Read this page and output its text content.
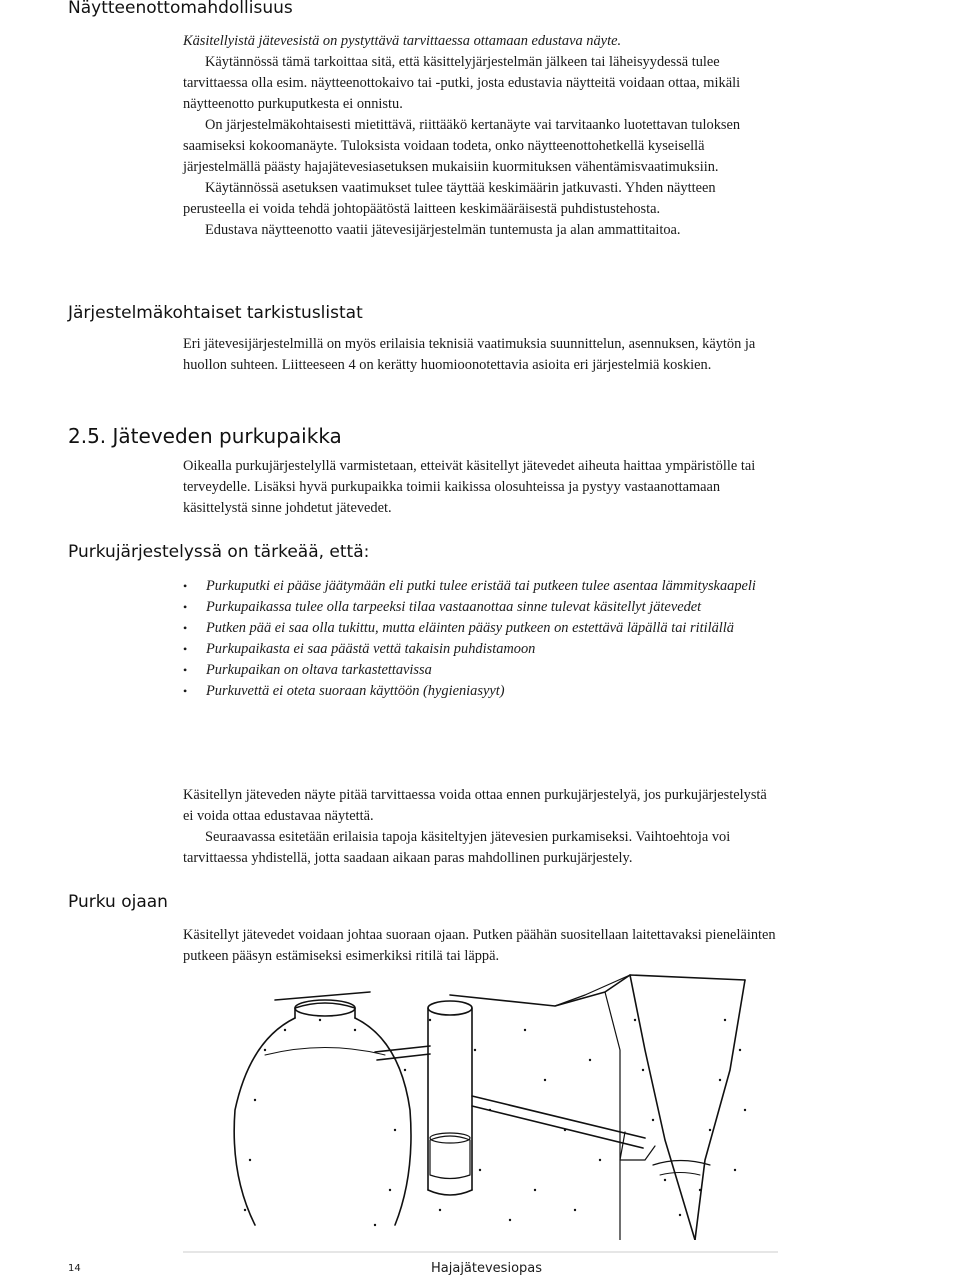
Näytteenottomahdollisuus

Käsitellyistä jätevesistä on pystyttävä tarvittaessa ottamaan edustava näyte.

Käytännössä tämä tarkoittaa sitä, että käsittelyjärjestelmän jälkeen tai läheisyydessä tulee tarvittaessa olla esim. näytteenottokaivo tai -putki, josta edustavia näytteitä voidaan ottaa, mikäli näytteenotto purkuputkesta ei onnistu.

On järjestelmäkohtaisesti mietittävä, riittääkö kertanäyte vai tarvitaanko luotettavan tuloksen saamiseksi kokoomanäyte. Tuloksista voidaan todeta, onko näytteenottohetkellä kyseisellä järjestelmällä päästy hajajätevesiasetuksen mukaisiin kuormituksen vähentämisvaatimuksiin.

Käytännössä asetuksen vaatimukset tulee täyttää keskimäärin jatkuvasti. Yhden näytteen perusteella ei voida tehdä johtopäätöstä laitteen keskimääräisestä puhdistustehosta.

Edustava näytteenotto vaatii jätevesijärjestelmän tuntemusta ja alan ammattitaitoa.

Järjestelmäkohtaiset tarkistuslistat

Eri jätevesijärjestelmillä on myös erilaisia teknisiä vaatimuksia suunnittelun, asennuksen, käytön ja huollon suhteen. Liitteeseen 4 on kerätty huomioonotettavia asioita eri järjestelmiä koskien.

2.5. Jäteveden purkupaikka

Oikealla purkujärjestelyllä varmistetaan, etteivät käsitellyt jätevedet aiheuta haittaa ympäristölle tai terveydelle. Lisäksi hyvä purkupaikka toimii kaikissa olosuhteissa ja pystyy vastaanottamaan käsittelystä sinne johdetut jätevedet.

Purkujärjestelyssä on tärkeää, että:
• Purkuputki ei pääse jäätymään eli putki tulee eristää tai putkeen tulee asentaa lämmityskaapeli
• Purkupaikassa tulee olla tarpeeksi tilaa vastaanottaa sinne tulevat käsitellyt jätevedet
• Putken pää ei saa olla tukittu, mutta eläinten pääsy putkeen on estettävä läpällä tai ritilällä
• Purkupaikasta ei saa päästä vettä takaisin puhdistamoon
• Purkupaikan on oltava tarkastettavissa
• Purkuvettä ei oteta suoraan käyttöön (hygieniasyyt)

Käsitellyn jäteveden näyte pitää tarvittaessa voida ottaa ennen purkujärjestelyä, jos purkujärjestelystä ei voida ottaa edustavaa näytettä.

Seuraavassa esitetään erilaisia tapoja käsiteltyjen jätevesien purkamiseksi. Vaihtoehtoja voi tarvittaessa yhdistellä, jotta saadaan aikaan paras mahdollinen purkujärjestely.

Purku ojaan

Käsitellyt jätevedet voidaan johtaa suoraan ojaan. Putken päähän suositellaan laitettavaksi pieneläinten putkeen pääsyn estämiseksi esimerkiksi ritilä tai läppä.

14	Hajajätevesiopas
